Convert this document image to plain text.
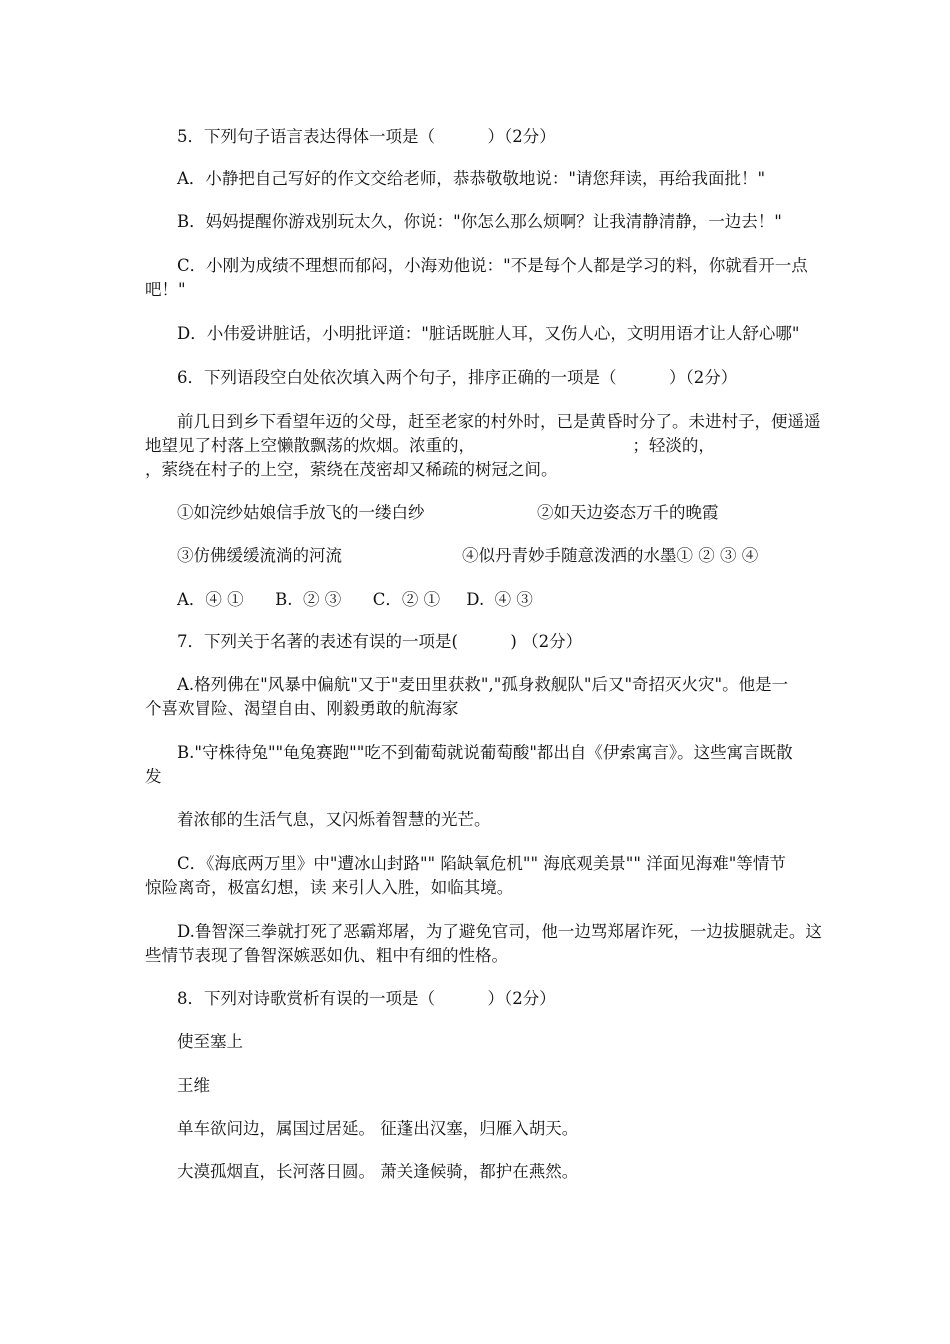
5．下列句子语言表达得体一项是（          ）（2分）
A．小静把自己写好的作文交给老师，恭恭敬敬地说："请您拜读，再给我面批！"
B．妈妈提醒你游戏别玩太久，你说："你怎么那么烦啊？让我清静清静，一边去！"
C．小刚为成绩不理想而郁闷，小海劝他说："不是每个人都是学习的料，你就看开一点
吧！"
D．小伟爱讲脏话，小明批评道："脏话既脏人耳，又伤人心，文明用语才让人舒心哪"
6．下列语段空白处依次填入两个句子，排序正确的一项是（          ）（2分）
前几日到乡下看望年迈的父母，赶至老家的村外时，已是黄昏时分了。未进村子，便遥遥
地望见了村落上空懒散飘荡的炊烟。浓重的，                              ；轻淡的，
，萦绕在村子的上空，萦绕在茂密却又稀疏的树冠之间。
①如浣纱姑娘信手放飞的一缕白纱	②如天边姿态万千的晚霞
③仿佛缓缓流淌的河流	④似丹青妙手随意泼洒的水墨① ② ③ ④
A．④ ①      B.  ② ③      C．② ①     D.  ④ ③
7．下列关于名著的表述有误的一项是(          ) （2分）
A.格列佛在"风暴中偏航"又于"麦田里获救","孤身救舰队"后又"奇招灭火灾"。他是一
个喜欢冒险、渴望自由、刚毅勇敢的航海家
B."守株待兔""龟兔赛跑""吃不到葡萄就说葡萄酸"都出自《伊索寓言》。这些寓言既散
发
着浓郁的生活气息，又闪烁着智慧的光芒。
C．《海底两万里》中"遭冰山封路"" 陷缺氧危机"" 海底观美景"" 洋面见海难"等情节
惊险离奇，极富幻想，读 来引人入胜，如临其境。
D.鲁智深三拳就打死了恶霸郑屠，为了避免官司，他一边骂郑屠诈死，一边拔腿就走。这
些情节表现了鲁智深嫉恶如仇、粗中有细的性格。
8．下列对诗歌赏析有误的一项是（          ）（2分）
使至塞上
王维
单车欲问边，属国过居延。 征蓬出汉塞，归雁入胡天。
大漠孤烟直，长河落日圆。 萧关逢候骑，都护在燕然。
